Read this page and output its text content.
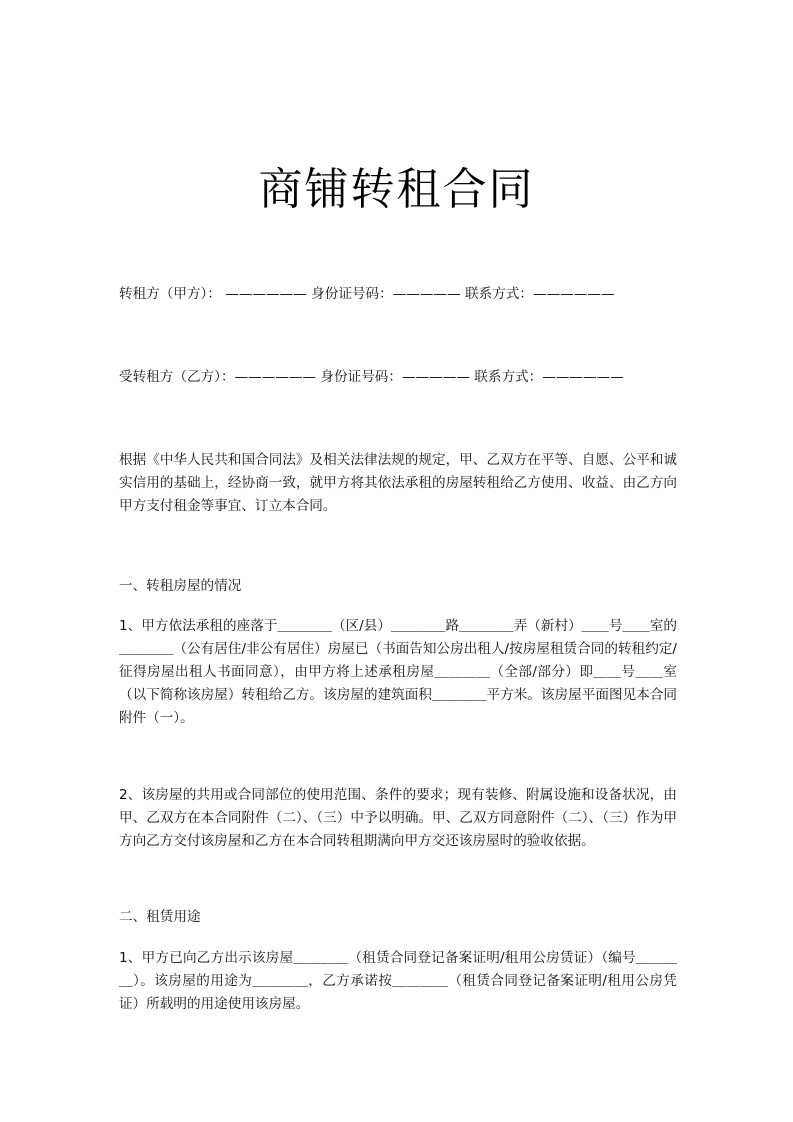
商铺转租合同
转租方（甲方）： —————— 身份证号码：————— 联系方式：——————
受转租方（乙方）：—————— 身份证号码：————— 联系方式：——————
根据《中华人民共和国合同法》及相关法律法规的规定，甲、乙双方在平等、自愿、公平和诚实信用的基础上，经协商一致，就甲方将其依法承租的房屋转租给乙方使用、收益、由乙方向甲方支付租金等事宜、订立本合同。
一、转租房屋的情况
1、甲方依法承租的座落于＿＿＿＿（区/县）＿＿＿＿路＿＿＿＿弄（新村）＿＿号＿＿室的＿＿＿＿（公有居住/非公有居住）房屋已（书面告知公房出租人/按房屋租赁合同的转租约定/征得房屋出租人书面同意），由甲方将上述承租房屋＿＿＿＿（全部/部分）即＿＿号＿＿室（以下简称该房屋）转租给乙方。该房屋的建筑面积＿＿＿＿平方米。该房屋平面图见本合同附件（一）。
2、该房屋的共用或合同部位的使用范围、条件的要求；现有装修、附属设施和设备状况，由甲、乙双方在本合同附件（二）、（三）中予以明确。甲、乙双方同意附件（二）、（三）作为甲方向乙方交付该房屋和乙方在本合同转租期满向甲方交还该房屋时的验收依据。
二、租赁用途
1、甲方已向乙方出示该房屋＿＿＿＿（租赁合同登记备案证明/租用公房赁证）（编号＿＿＿＿）。该房屋的用途为＿＿＿＿，乙方承诺按＿＿＿＿（租赁合同登记备案证明/租用公房凭证）所载明的用途使用该房屋。
